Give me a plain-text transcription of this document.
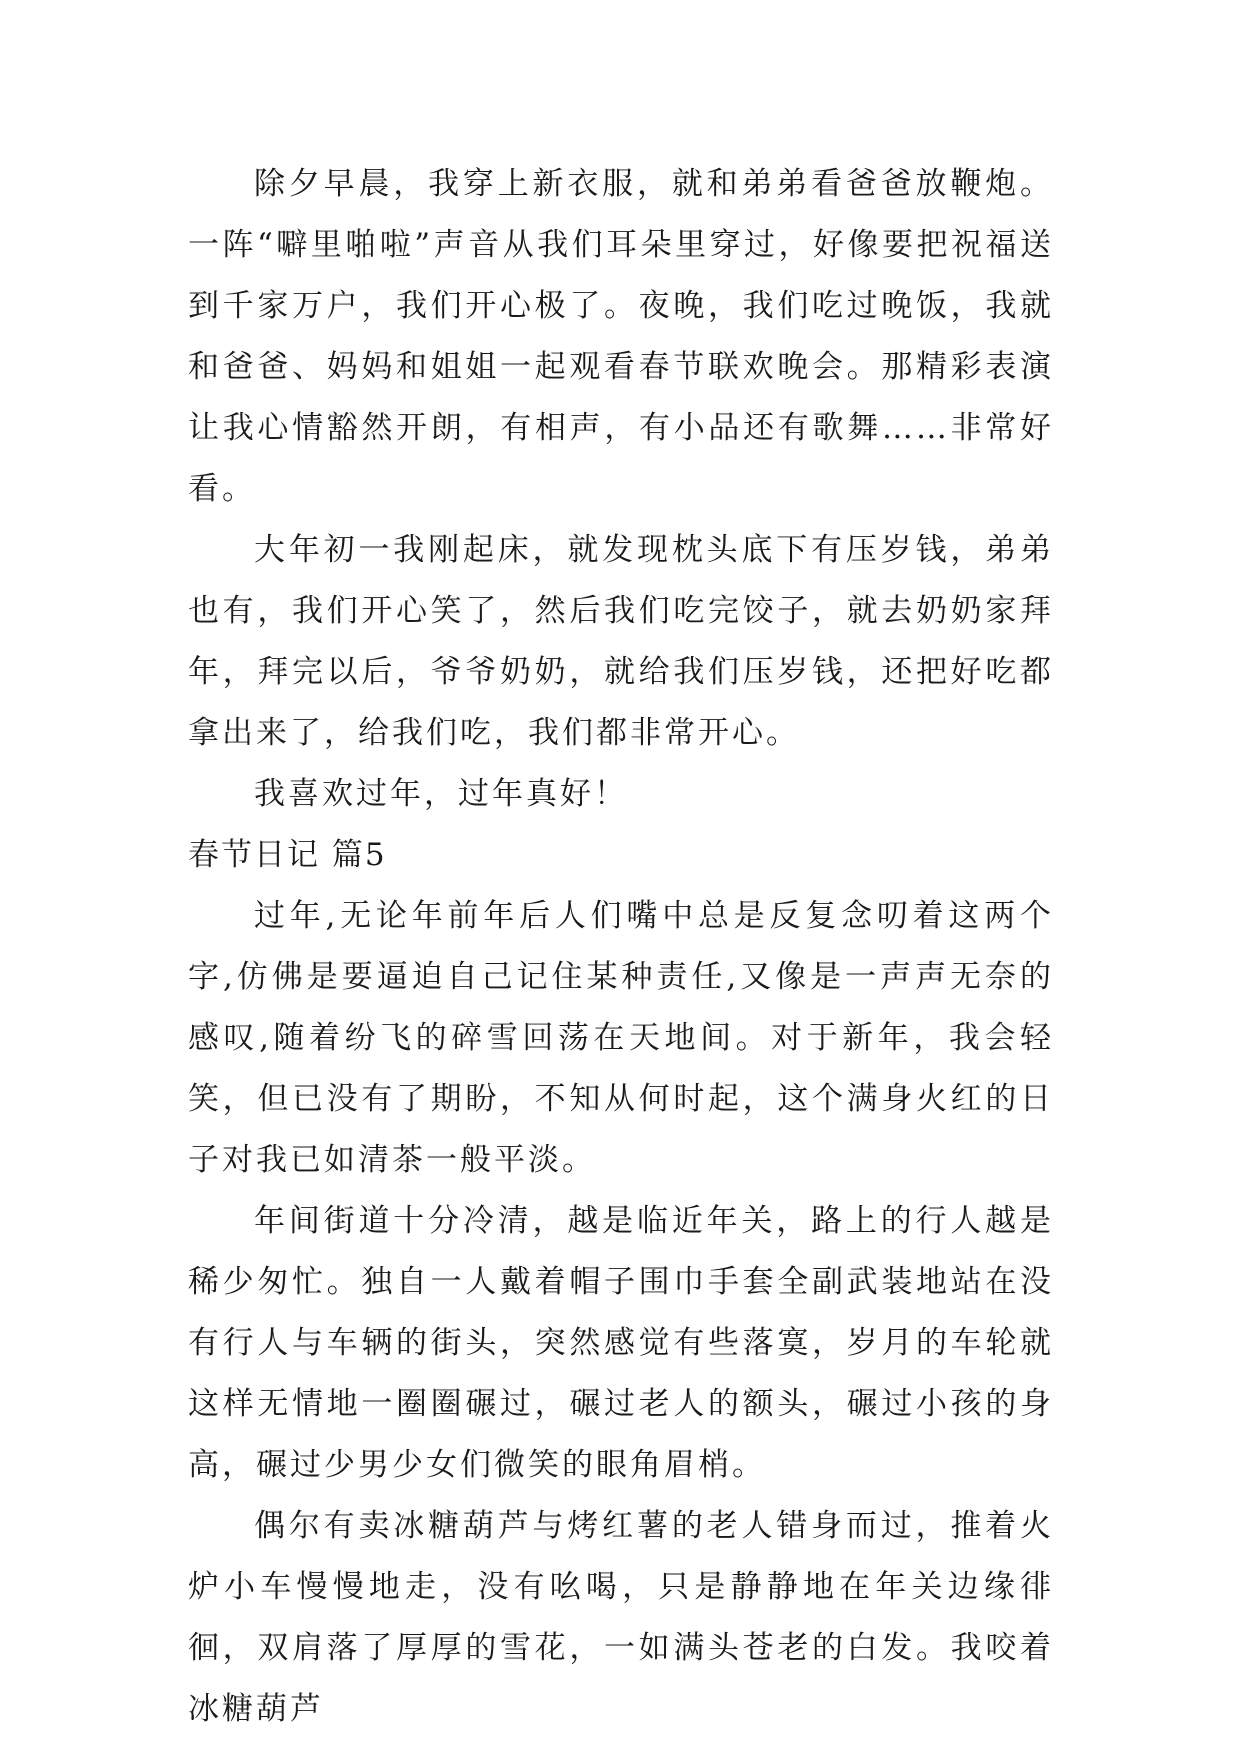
除夕早晨，我穿上新衣服，就和弟弟看爸爸放鞭炮。一阵“噼里啪啦”声音从我们耳朵里穿过，好像要把祝福送到千家万户，我们开心极了。夜晚，我们吃过晚饭，我就和爸爸、妈妈和姐姐一起观看春节联欢晚会。那精彩表演让我心情豁然开朗，有相声，有小品还有歌舞……非常好看。

大年初一我刚起床，就发现枕头底下有压岁钱，弟弟也有，我们开心笑了，然后我们吃完饺子，就去奶奶家拜年，拜完以后，爷爷奶奶，就给我们压岁钱，还把好吃都拿出来了，给我们吃，我们都非常开心。

我喜欢过年，过年真好！

春节日记 篇5

过年,无论年前年后人们嘴中总是反复念叨着这两个字,仿佛是要逼迫自己记住某种责任,又像是一声声无奈的感叹,随着纷飞的碎雪回荡在天地间。对于新年，我会轻笑，但已没有了期盼，不知从何时起，这个满身火红的日子对我已如清茶一般平淡。

年间街道十分冷清，越是临近年关，路上的行人越是稀少匆忙。独自一人戴着帽子围巾手套全副武装地站在没有行人与车辆的街头，突然感觉有些落寞，岁月的车轮就这样无情地一圈圈碾过，碾过老人的额头，碾过小孩的身高，碾过少男少女们微笑的眼角眉梢。

偶尔有卖冰糖葫芦与烤红薯的老人错身而过，推着火炉小车慢慢地走，没有吆喝，只是静静地在年关边缘徘徊，双肩落了厚厚的雪花，一如满头苍老的白发。我咬着冰糖葫芦
